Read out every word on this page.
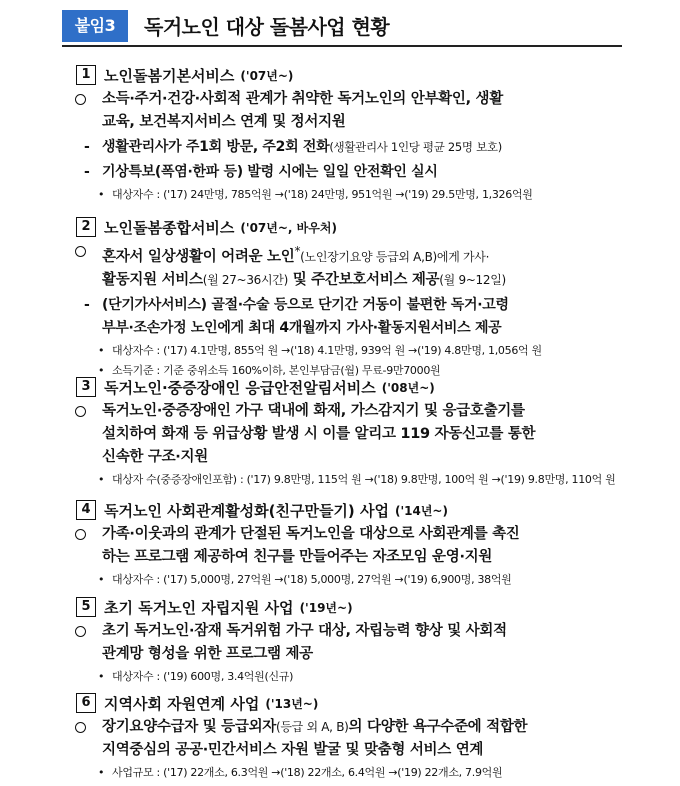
붙임3	독거노인 대상 돌봄사업 현황
1 노인돌봄기본서비스 ('07년~)
소득·주거·건강·사회적 관계가 취약한 독거노인의 안부확인, 생활
교육, 보건복지서비스 연계 및 정서지원
- 생활관리사가 주1회 방문, 주2회 전화(생활관리사 1인당 평균 25명 보호)
- 기상특보(폭염·한파 등) 발령 시에는 일일 안전확인 실시
• 대상자수 : ('17) 24만명, 785억원 →('18) 24만명, 951억원 →('19) 29.5만명, 1,326억원
2 노인돌봄종합서비스 ('07년~, 바우처)
혼자서 일상생활이 어려운 노인*(노인장기요양 등급외 A,B)에게 가사·
활동지원 서비스(월 27~36시간) 및 주간보호서비스 제공(월 9~12일)
- (단기가사서비스) 골절·수술 등으로 단기간 거동이 불편한 독거·고령
부부·조손가정 노인에게 최대 4개월까지 가사·활동지원서비스 제공
• 대상자수 : ('17) 4.1만명, 855억 원 →('18) 4.1만명, 939억 원 →('19) 4.8만명, 1,056억 원
• 소득기준 : 기준 중위소득 160%이하, 본인부담금(월) 무료-9만7000원
3 독거노인·중증장애인 응급안전알림서비스 ('08년~)
독거노인·중증장애인 가구 댁내에 화재, 가스감지기 및 응급호출기를
설치하여 화재 등 위급상황 발생 시 이를 알리고 119 자동신고를 통한
신속한 구조·지원
• 대상자 수(중증장애인포함) : ('17) 9.8만명, 115억 원 →('18) 9.8만명, 100억 원 →('19) 9.8만명, 110억 원
4 독거노인 사회관계활성화(친구만들기) 사업 ('14년~)
가족·이웃과의 관계가 단절된 독거노인을 대상으로 사회관계를 촉진
하는 프로그램 제공하여 친구를 만들어주는 자조모임 운영·지원
• 대상자수 : ('17) 5,000명, 27억원 →('18) 5,000명, 27억원 →('19) 6,900명, 38억원
5 초기 독거노인 자립지원 사업 ('19년~)
초기 독거노인·잠재 독거위험 가구 대상, 자립능력 향상 및 사회적
관계망 형성을 위한 프로그램 제공
• 대상자수 : ('19) 600명, 3.4억원(신규)
6 지역사회 자원연계 사업 ('13년~)
장기요양수급자 및 등급외자(등급 외 A, B)의 다양한 욕구수준에 적합한
지역중심의 공공·민간서비스 자원 발굴 및 맞춤형 서비스 연계
• 사업규모 : ('17) 22개소, 6.3억원 →('18) 22개소, 6.4억원 →('19) 22개소, 7.9억원
